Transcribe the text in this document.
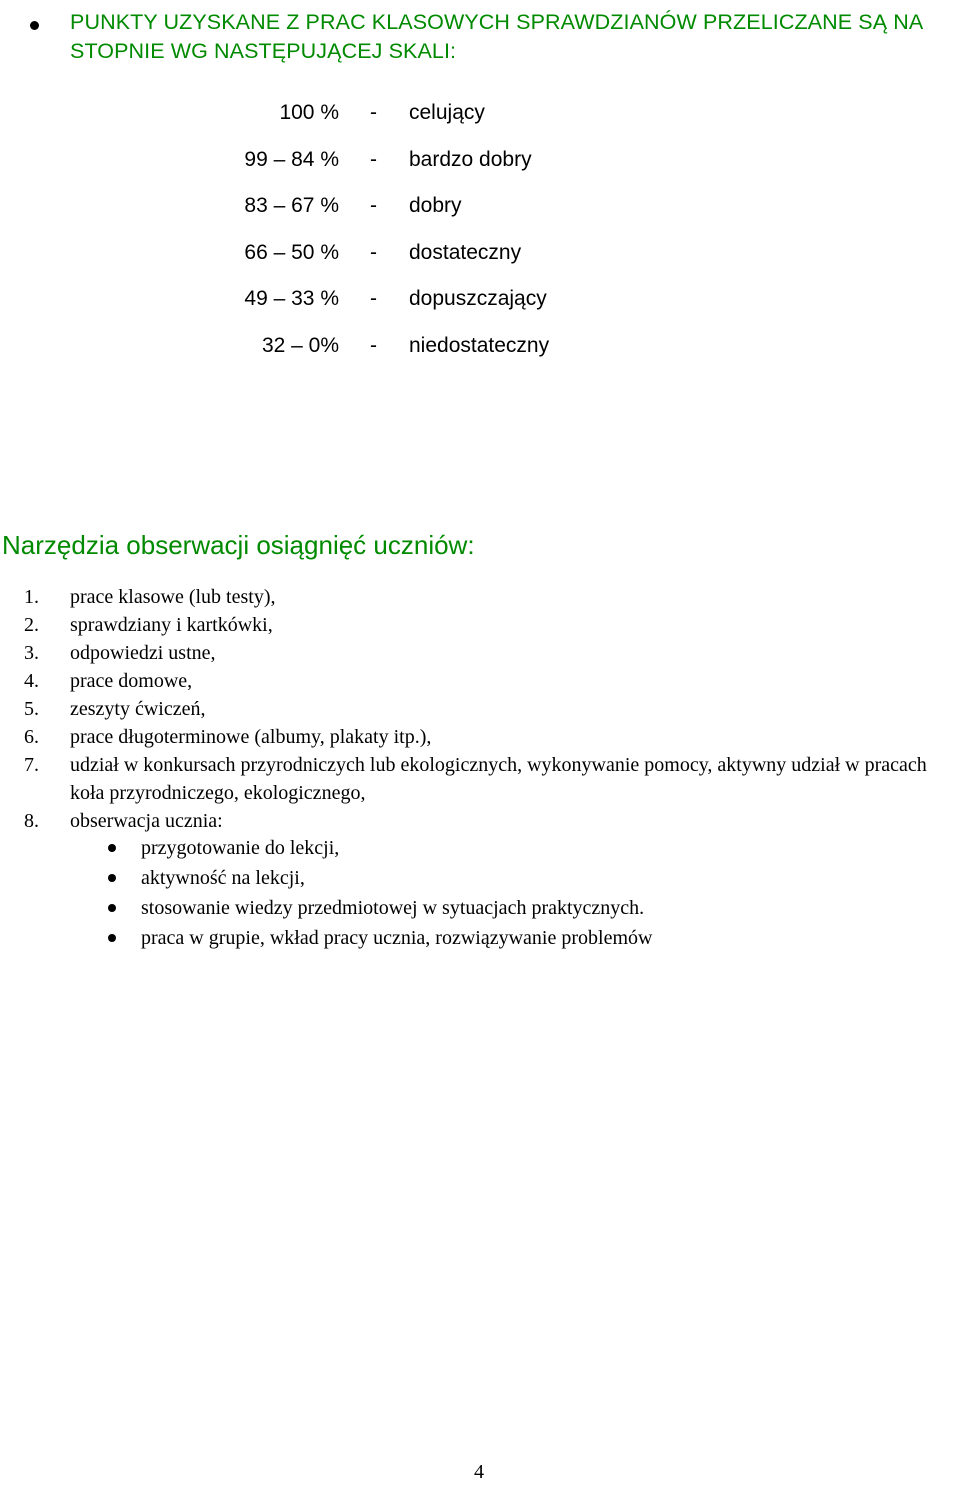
PUNKTY UZYSKANE Z PRAC KLASOWYCH SPRAWDZIANÓW PRZELICZANE SĄ NA STOPNIE WG NASTĘPUJĄCEJ SKALI:
100 % - celujący
99 – 84 % - bardzo dobry
83 – 67 % - dobry
66 – 50 % - dostateczny
49 – 33 % - dopuszczający
32 – 0% - niedostateczny
Narzędzia obserwacji osiągnięć uczniów:
1.	prace klasowe (lub testy),
2.	sprawdziany i kartkówki,
3.	odpowiedzi ustne,
4.	prace domowe,
5.	zeszyty ćwiczeń,
6.	prace długoterminowe (albumy, plakaty itp.),
7.	udział w konkursach przyrodniczych lub ekologicznych, wykonywanie pomocy, aktywny udział w pracach koła przyrodniczego, ekologicznego,
8.	obserwacja ucznia:
przygotowanie do lekcji,
aktywność na lekcji,
stosowanie wiedzy przedmiotowej w sytuacjach praktycznych.
praca w grupie, wkład pracy ucznia, rozwiązywanie problemów
4
